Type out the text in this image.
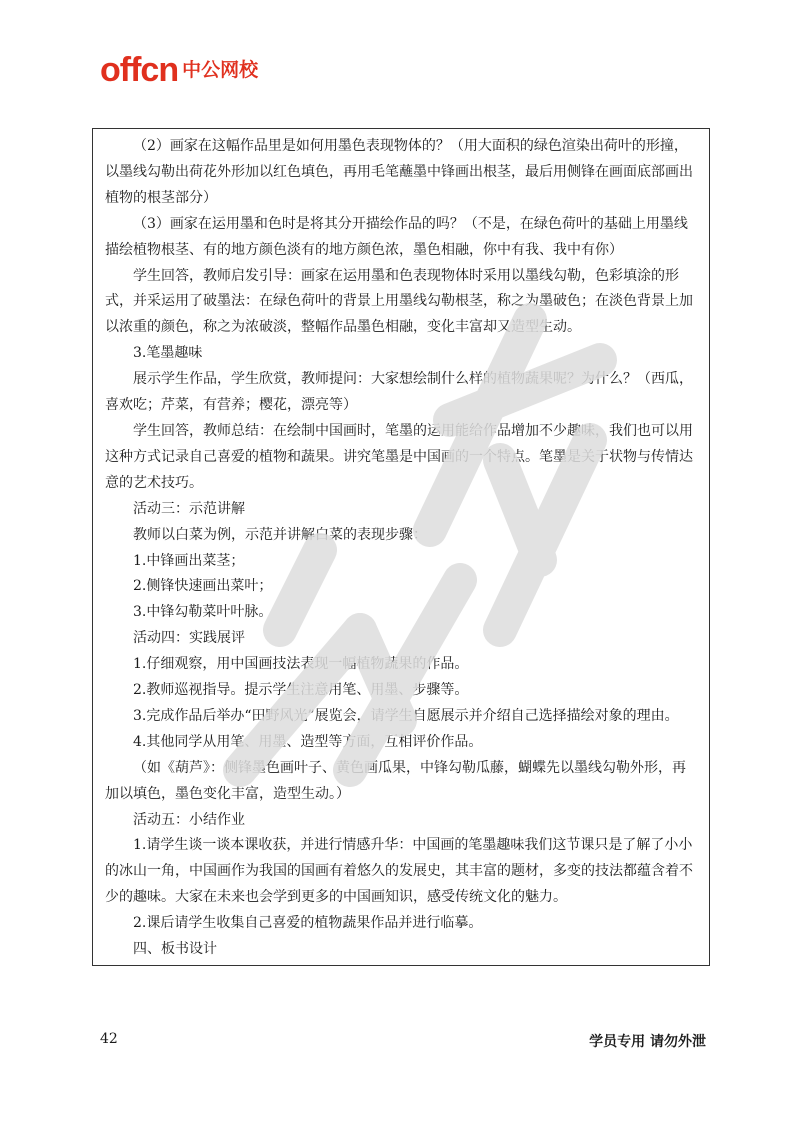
offcn 中公网校

（2）画家在这幅作品里是如何用墨色表现物体的？（用大面积的绿色渲染出荷叶的形撞，以墨线勾勒出荷花外形加以红色填色，再用毛笔蘸墨中锋画出根茎，最后用侧锋在画面底部画出植物的根茎部分）

（3）画家在运用墨和色时是将其分开描绘作品的吗？（不是，在绿色荷叶的基础上用墨线描绘植物根茎、有的地方颜色淡有的地方颜色浓，墨色相融，你中有我、我中有你）

学生回答，教师启发引导：画家在运用墨和色表现物体时采用以墨线勾勒，色彩填涂的形式，并采运用了破墨法：在绿色荷叶的背景上用墨线勾勒根茎，称之为墨破色；在淡色背景上加以浓重的颜色，称之为浓破淡，整幅作品墨色相融，变化丰富却又造型生动。

3.笔墨趣味

展示学生作品，学生欣赏，教师提问：大家想绘制什么样的植物蔬果呢？为什么？（西瓜，喜欢吃；芹菜，有营养；樱花，漂亮等）

学生回答，教师总结：在绘制中国画时，笔墨的运用能给作品增加不少趣味，我们也可以用这种方式记录自己喜爱的植物和蔬果。讲究笔墨是中国画的一个特点。笔墨是关于状物与传情达意的艺术技巧。

活动三：示范讲解

教师以白菜为例，示范并讲解白菜的表现步骤：

1.中锋画出菜茎；

2.侧锋快速画出菜叶；

3.中锋勾勒菜叶叶脉。

活动四：实践展评

1.仔细观察，用中国画技法表现一幅植物蔬果的作品。

2.教师巡视指导。提示学生注意用笔、用墨、步骤等。

3.完成作品后举办“田野风光”展览会，请学生自愿展示并介绍自己选择描绘对象的理由。

4.其他同学从用笔、用墨、造型等方面，互相评价作品。

（如《葫芦》：侧锋墨色画叶子、黄色画瓜果，中锋勾勒瓜藤，蝴蝶先以墨线勾勒外形，再加以填色，墨色变化丰富，造型生动。）

活动五：小结作业

1.请学生谈一谈本课收获，并进行情感升华：中国画的笔墨趣味我们这节课只是了解了小小的冰山一角，中国画作为我国的国画有着悠久的发展史，其丰富的题材，多变的技法都蕴含着不少的趣味。大家在未来也会学到更多的中国画知识，感受传统文化的魅力。

2.课后请学生收集自己喜爱的植物蔬果作品并进行临摹。

四、板书设计

42	学员专用 请勿外泄
